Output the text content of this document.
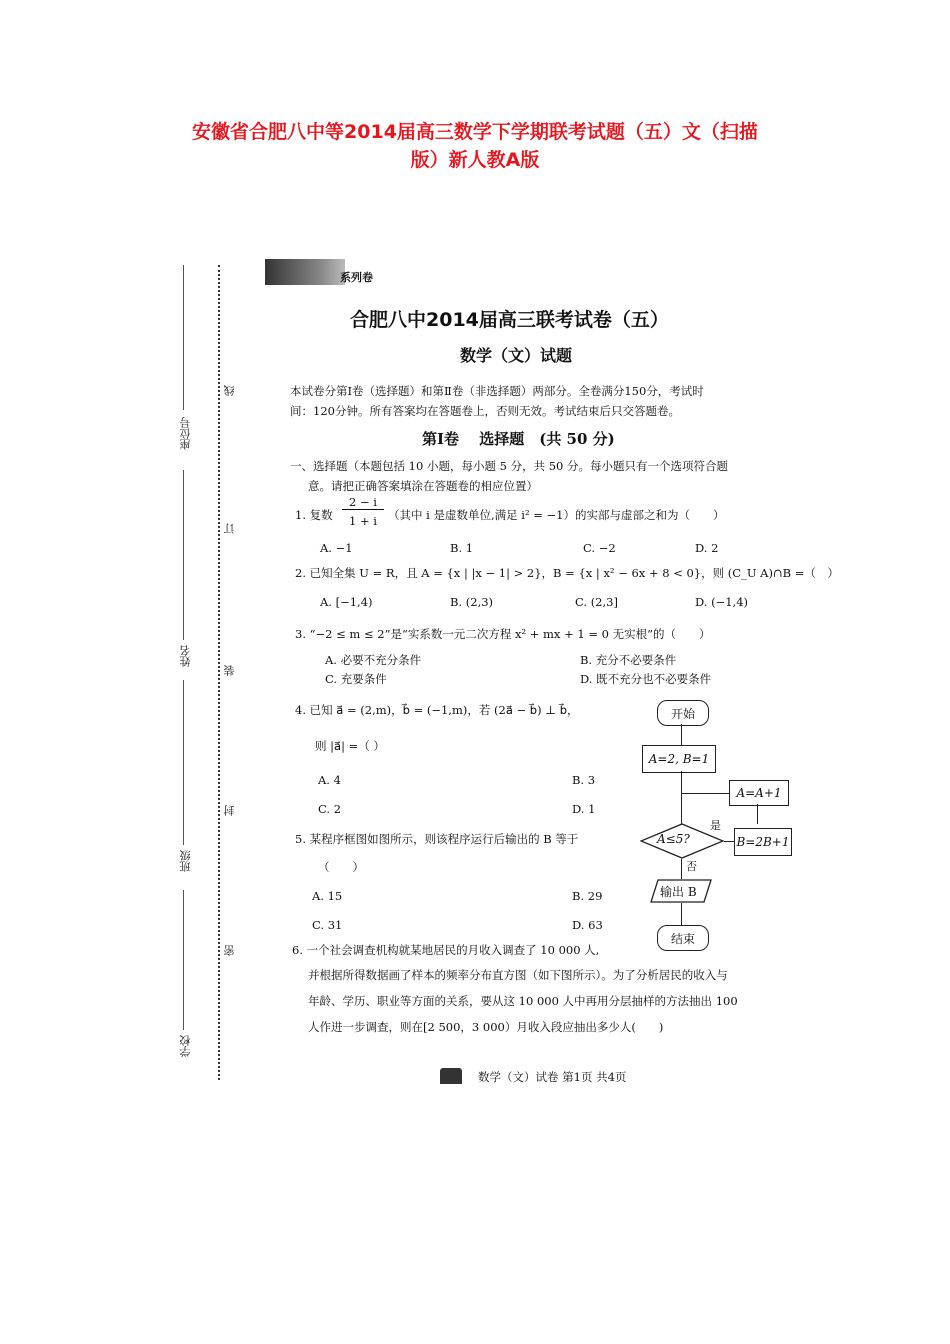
安徽省合肥八中等2014届高三数学下学期联考试题（五）文（扫描
版）新人教A版
线
订
装
封
密
座位号
姓名
班级
学校
系列卷
合肥八中2014届高三联考试卷（五）
数学（文）试题
本试卷分第Ⅰ卷（选择题）和第Ⅱ卷（非选择题）两部分。全卷满分150分，考试时
间：120分钟。所有答案均在答题卷上，否则无效。考试结束后只交答题卷。
第Ⅰ卷　 选择题　(共 50 分)
一、选择题（本题包括 10 小题，每小题 5 分，共 50 分。每小题只有一个选项符合题
意。请把正确答案填涂在答题卷的相应位置）
1. 复数
2 − i
1 + i （其中 i 是虚数单位,满足 i² = −1）的实部与虚部之和为（　　）
A. −1	B. 1	C. −2	D. 2
2. 已知全集 U = R，且 A = {x | |x − 1| > 2}，B = {x | x² − 6x + 8 < 0}，则 (C_U A)∩B =（　）
A. [−1,4)	B. (2,3)	C. (2,3]	D. (−1,4)
3. “−2 ≤ m ≤ 2”是“实系数一元二次方程 x² + mx + 1 = 0 无实根”的（　　）
A. 必要不充分条件	B. 充分不必要条件
C. 充要条件	D. 既不充分也不必要条件
4. 已知 a⃗ = (2,m)，b⃗ = (−1,m)，若 (2a⃗ − b⃗) ⊥ b⃗，
则 |a⃗| =（ ）
A. 4	B. 3
C. 2	D. 1
5. 某程序框图如图所示，则该程序运行后输出的 B 等于
（　　）
A. 15	B. 29
C. 31	D. 63
6. 一个社会调查机构就某地居民的月收入调查了 10 000 人,
并根据所得数据画了样本的频率分布直方图（如下图所示）。为了分析居民的收入与
年龄、学历、职业等方面的关系，要从这 10 000 人中再用分层抽样的方法抽出 100
人作进一步调查，则在[2 500，3 000）月收入段应抽出多少人(　　)
开始
A=2, B=1
A=A+1
A≤5?
是
B=2B+1
否
输出 B
结束
数学（文）试卷 第1页 共4页
